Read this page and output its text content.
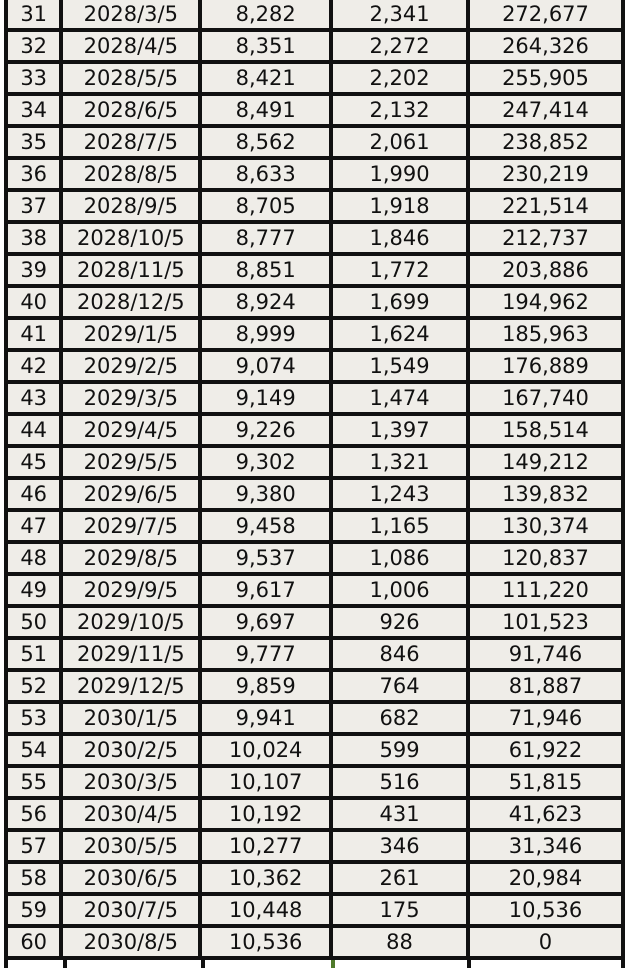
31	2028/3/5	8,282	2,341	272,677
32	2028/4/5	8,351	2,272	264,326
33	2028/5/5	8,421	2,202	255,905
34	2028/6/5	8,491	2,132	247,414
35	2028/7/5	8,562	2,061	238,852
36	2028/8/5	8,633	1,990	230,219
37	2028/9/5	8,705	1,918	221,514
38	2028/10/5	8,777	1,846	212,737
39	2028/11/5	8,851	1,772	203,886
40	2028/12/5	8,924	1,699	194,962
41	2029/1/5	8,999	1,624	185,963
42	2029/2/5	9,074	1,549	176,889
43	2029/3/5	9,149	1,474	167,740
44	2029/4/5	9,226	1,397	158,514
45	2029/5/5	9,302	1,321	149,212
46	2029/6/5	9,380	1,243	139,832
47	2029/7/5	9,458	1,165	130,374
48	2029/8/5	9,537	1,086	120,837
49	2029/9/5	9,617	1,006	111,220
50	2029/10/5	9,697	926	101,523
51	2029/11/5	9,777	846	91,746
52	2029/12/5	9,859	764	81,887
53	2030/1/5	9,941	682	71,946
54	2030/2/5	10,024	599	61,922
55	2030/3/5	10,107	516	51,815
56	2030/4/5	10,192	431	41,623
57	2030/5/5	10,277	346	31,346
58	2030/6/5	10,362	261	20,984
59	2030/7/5	10,448	175	10,536
60	2030/8/5	10,536	88	0
